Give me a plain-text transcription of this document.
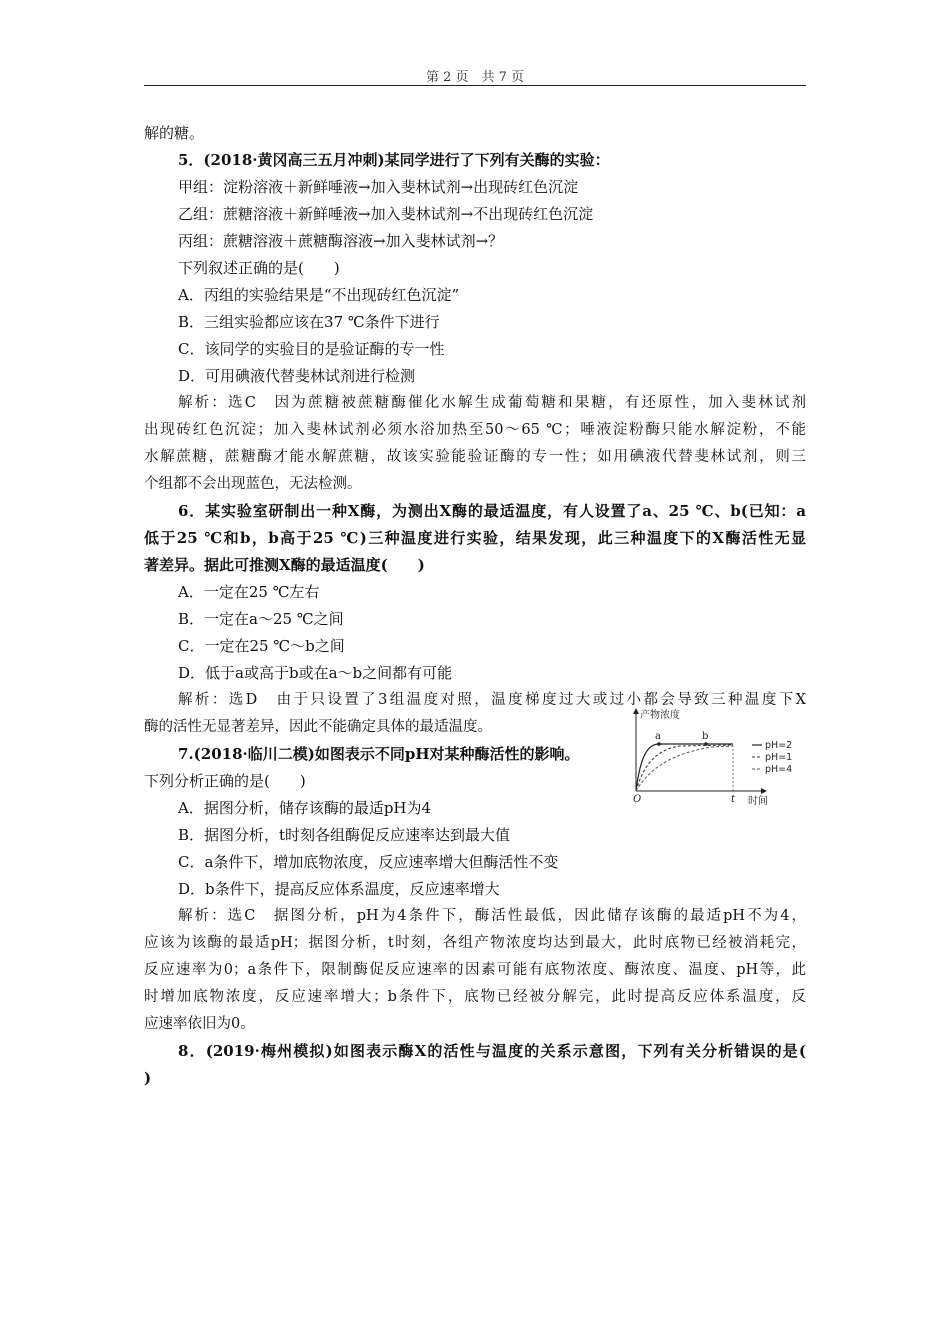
第 2 页　共 7 页
解的糖。
5．(2018·黄冈高三五月冲刺)某同学进行了下列有关酶的实验：
甲组：淀粉溶液＋新鲜唾液→加入斐林试剂→出现砖红色沉淀
乙组：蔗糖溶液＋新鲜唾液→加入斐林试剂→不出现砖红色沉淀
丙组：蔗糖溶液＋蔗糖酶溶液→加入斐林试剂→？
下列叙述正确的是(　　)
A．丙组的实验结果是“不出现砖红色沉淀”
B．三组实验都应该在37 ℃条件下进行
C．该同学的实验目的是验证酶的专一性
D．可用碘液代替斐林试剂进行检测
解析：选C　因为蔗糖被蔗糖酶催化水解生成葡萄糖和果糖，有还原性，加入斐林试剂
出现砖红色沉淀；加入斐林试剂必须水浴加热至50～65 ℃；唾液淀粉酶只能水解淀粉，不能
水解蔗糖，蔗糖酶才能水解蔗糖，故该实验能验证酶的专一性；如用碘液代替斐林试剂，则三
个组都不会出现蓝色，无法检测。
6．某实验室研制出一种X酶，为测出X酶的最适温度，有人设置了a、25 ℃、b(已知：a
低于25 ℃和b，b高于25 ℃)三种温度进行实验，结果发现，此三种温度下的X酶活性无显
著差异。据此可推测X酶的最适温度(　　)
A．一定在25 ℃左右
B．一定在a～25 ℃之间
C．一定在25 ℃～b之间
D．低于a或高于b或在a～b之间都有可能
解析：选D　由于只设置了3组温度对照，温度梯度过大或过小都会导致三种温度下X
酶的活性无显著差异，因此不能确定具体的最适温度。
7.(2018·临川二模)如图表示不同pH对某种酶活性的影响。
下列分析正确的是(　　)
A．据图分析，储存该酶的最适pH为4
B．据图分析，t时刻各组酶促反应速率达到最大值
C．a条件下，增加底物浓度，反应速率增大但酶活性不变
D．b条件下，提高反应体系温度，反应速率增大
解析：选C　据图分析，pH为4条件下，酶活性最低，因此储存该酶的最适pH不为4，
应该为该酶的最适pH；据图分析，t时刻，各组产物浓度均达到最大，此时底物已经被消耗完，
反应速率为0；a条件下，限制酶促反应速率的因素可能有底物浓度、酶浓度、温度、pH等，此
时增加底物浓度，反应速率增大；b条件下，底物已经被分解完，此时提高反应体系温度，反
应速率依旧为0。
8．(2019·梅州模拟)如图表示酶X的活性与温度的关系示意图，下列有关分析错误的是(
)
产物浓度
时间
O	t
a	b
pH=2
pH=1
pH=4
